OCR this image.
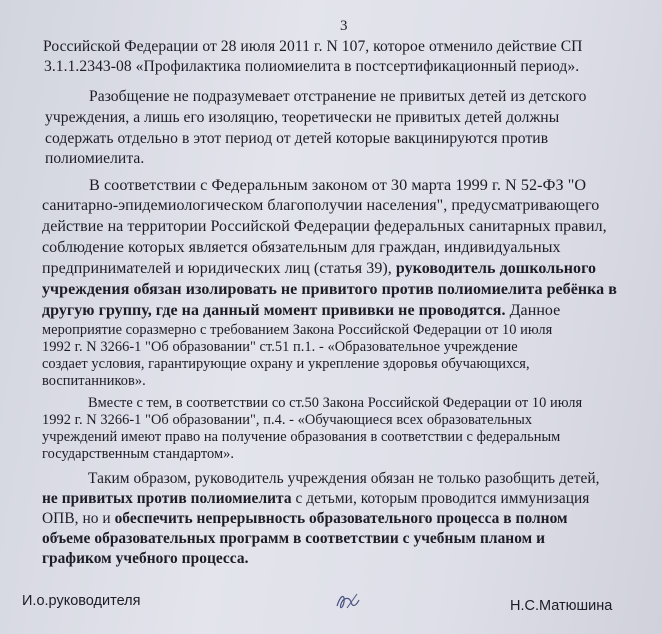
3
Российской Федерации от 28 июля 2011 г. N 107, которое отменило действие СП
3.1.1.2343-08 «Профилактика полиомиелита в постсертификационный период».
Разобщение не подразумевает отстранение не привитых детей из детского
учреждения, а лишь его изоляцию, теоретически не привитых детей должны
содержать отдельно в этот период от детей которые вакцинируются против
полиомиелита.
В соответствии с Федеральным законом от 30 марта 1999 г. N 52-ФЗ "О
санитарно-эпидемиологическом благополучии населения", предусматривающего
действие на территории Российской Федерации федеральных санитарных правил,
соблюдение которых является обязательным для граждан, индивидуальных
предпринимателей и юридических лиц (статья 39), руководитель дошкольного
учреждения обязан изолировать не привитого против полиомиелита ребёнка в
другую группу, где на данный момент прививки не проводятся. Данное
мероприятие соразмерно с требованием Закона Российской Федерации от 10 июля
1992 г. N 3266-1 "Об образовании" ст.51 п.1. - «Образовательное учреждение
создает условия, гарантирующие охрану и укрепление здоровья обучающихся,
воспитанников».
Вместе с тем, в соответствии со ст.50 Закона Российской Федерации от 10 июля
1992 г. N 3266-1 "Об образовании", п.4. - «Обучающиеся всех образовательных
учреждений имеют право на получение образования в соответствии с федеральным
государственным стандартом».
Таким образом, руководитель учреждения обязан не только разобщить детей,
не привитых против полиомиелита с детьми, которым проводится иммунизация
ОПВ, но и обеспечить непрерывность образовательного процесса в полном
объеме образовательных программ в соответствии с учебным планом и
графиком учебного процесса.
И.о.руководителя	Н.С.Матюшина
